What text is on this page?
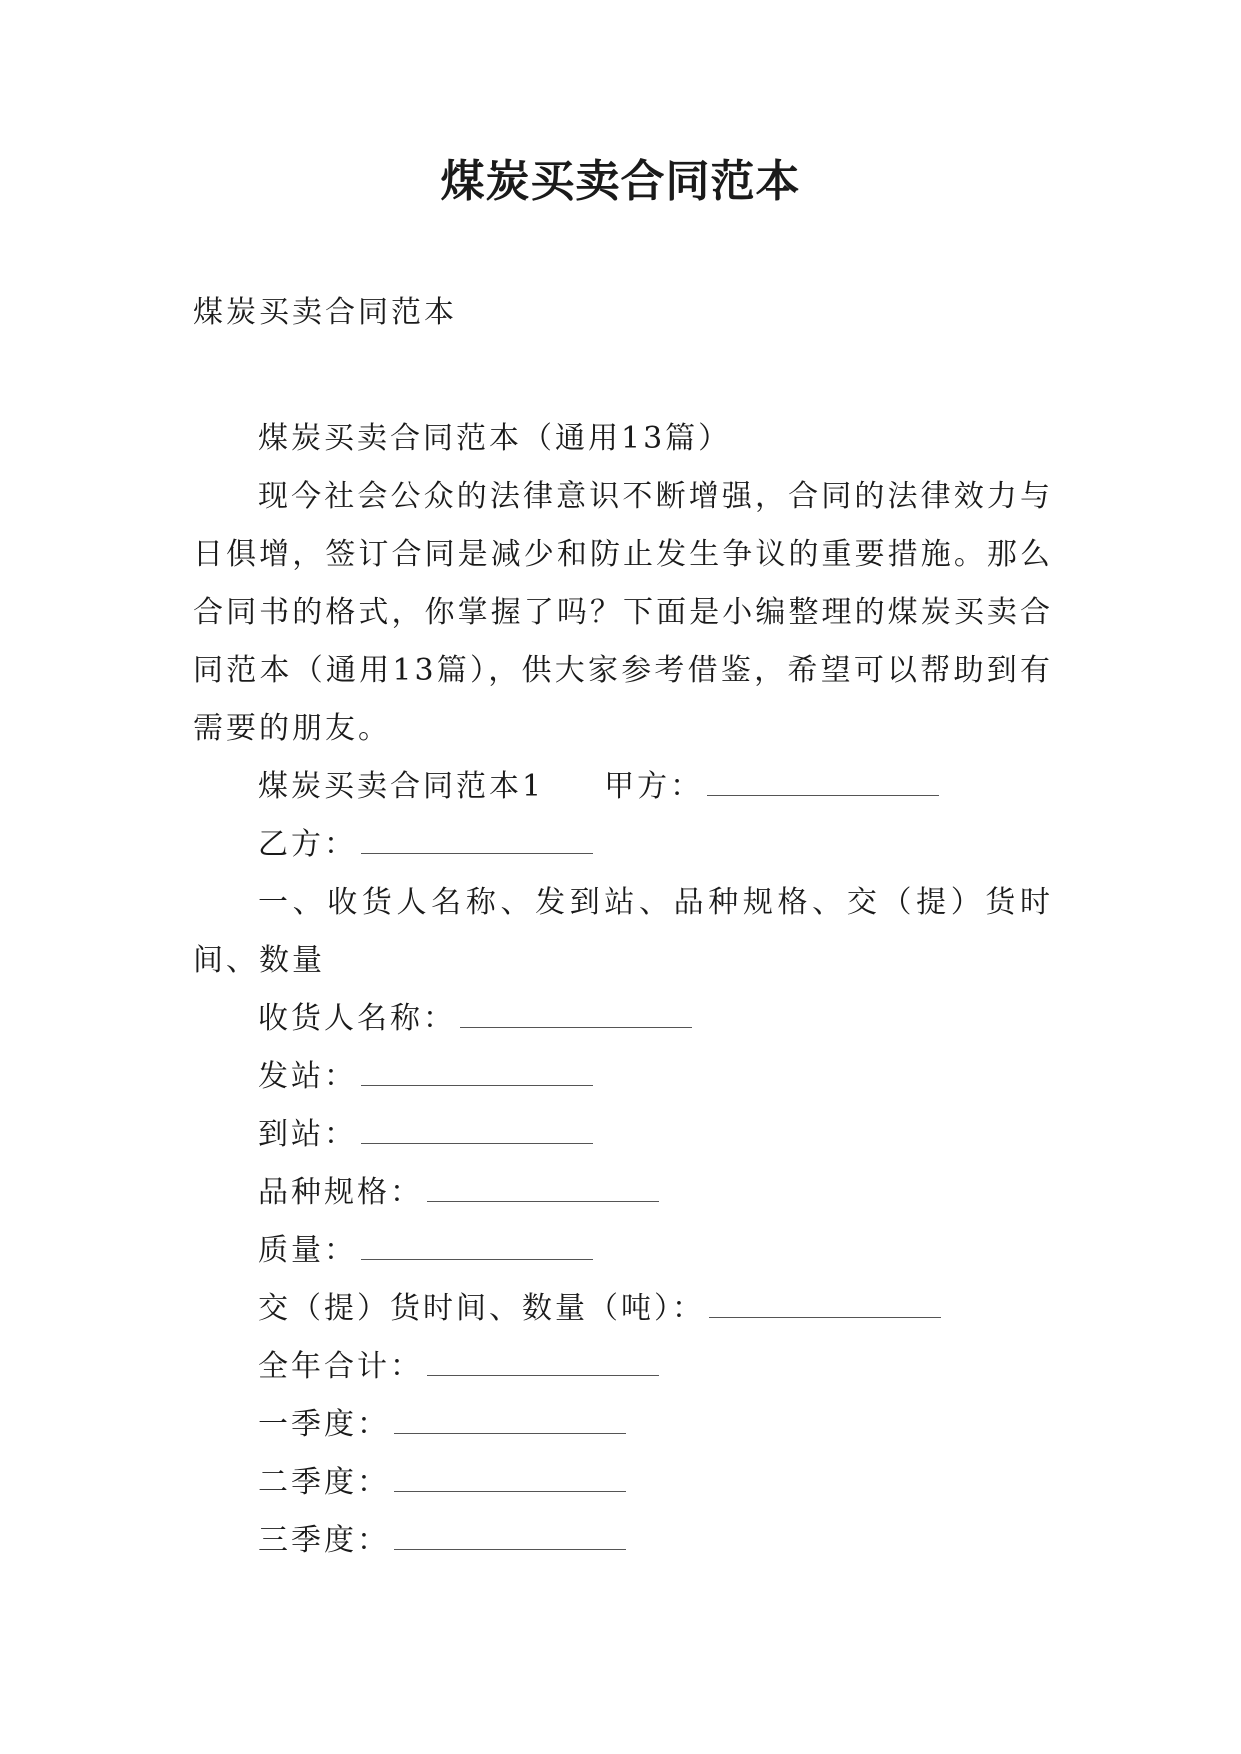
煤炭买卖合同范本
煤炭买卖合同范本

煤炭买卖合同范本（通用13篇）

现今社会公众的法律意识不断增强，合同的法律效力与日俱增，签订合同是减少和防止发生争议的重要措施。那么合同书的格式，你掌握了吗？下面是小编整理的煤炭买卖合同范本（通用13篇），供大家参考借鉴，希望可以帮助到有需要的朋友。

煤炭买卖合同范本1 甲方：

乙方：

一、收货人名称、发到站、品种规格、交（提）货时间、数量

收货人名称：

发站：

到站：

品种规格：

质量：

交（提）货时间、数量（吨）：

全年合计：

一季度：

二季度：

三季度：
